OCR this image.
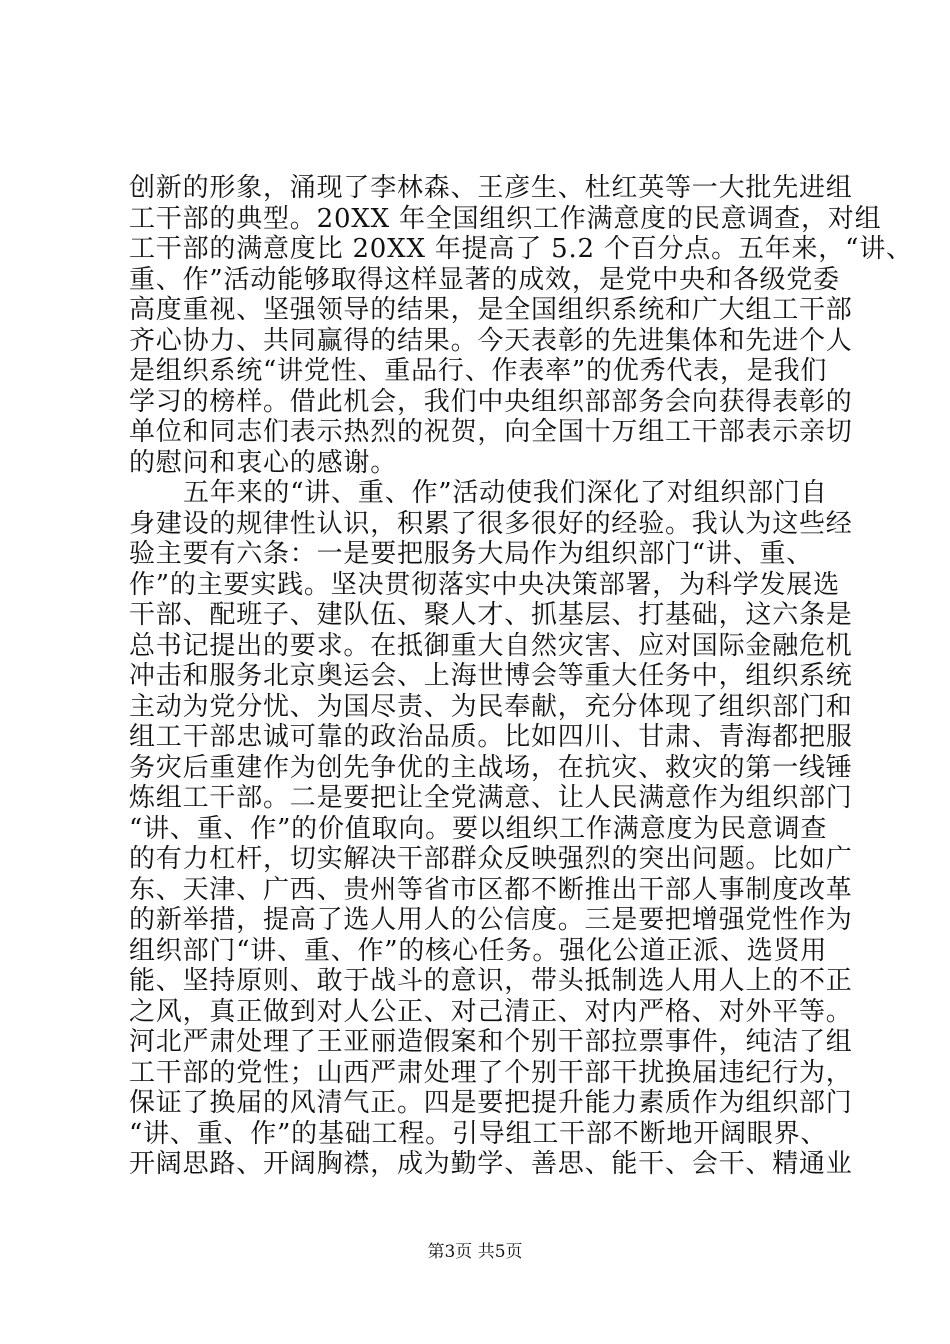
创新的形象，涌现了李林森、王彦生、杜红英等一大批先进组
工干部的典型。20XX 年全国组织工作满意度的民意调查，对组
工干部的满意度比 20XX 年提高了 5.2 个百分点。五年来，“讲、
重、作”活动能够取得这样显著的成效，是党中央和各级党委
高度重视、坚强领导的结果，是全国组织系统和广大组工干部
齐心协力、共同赢得的结果。今天表彰的先进集体和先进个人
是组织系统“讲党性、重品行、作表率”的优秀代表，是我们
学习的榜样。借此机会，我们中央组织部部务会向获得表彰的
单位和同志们表示热烈的祝贺，向全国十万组工干部表示亲切
的慰问和衷心的感谢。
五年来的“讲、重、作”活动使我们深化了对组织部门自
身建设的规律性认识，积累了很多很好的经验。我认为这些经
验主要有六条：一是要把服务大局作为组织部门“讲、重、
作”的主要实践。坚决贯彻落实中央决策部署，为科学发展选
干部、配班子、建队伍、聚人才、抓基层、打基础，这六条是
总书记提出的要求。在抵御重大自然灾害、应对国际金融危机
冲击和服务北京奥运会、上海世博会等重大任务中，组织系统
主动为党分忧、为国尽责、为民奉献，充分体现了组织部门和
组工干部忠诚可靠的政治品质。比如四川、甘肃、青海都把服
务灾后重建作为创先争优的主战场，在抗灾、救灾的第一线锤
炼组工干部。二是要把让全党满意、让人民满意作为组织部门
“讲、重、作”的价值取向。要以组织工作满意度为民意调查
的有力杠杆，切实解决干部群众反映强烈的突出问题。比如广
东、天津、广西、贵州等省市区都不断推出干部人事制度改革
的新举措，提高了选人用人的公信度。三是要把增强党性作为
组织部门“讲、重、作”的核心任务。强化公道正派、选贤用
能、坚持原则、敢于战斗的意识，带头抵制选人用人上的不正
之风，真正做到对人公正、对己清正、对内严格、对外平等。
河北严肃处理了王亚丽造假案和个别干部拉票事件，纯洁了组
工干部的党性；山西严肃处理了个别干部干扰换届违纪行为，
保证了换届的风清气正。四是要把提升能力素质作为组织部门
“讲、重、作”的基础工程。引导组工干部不断地开阔眼界、
开阔思路、开阔胸襟，成为勤学、善思、能干、会干、精通业
第3页 共5页
